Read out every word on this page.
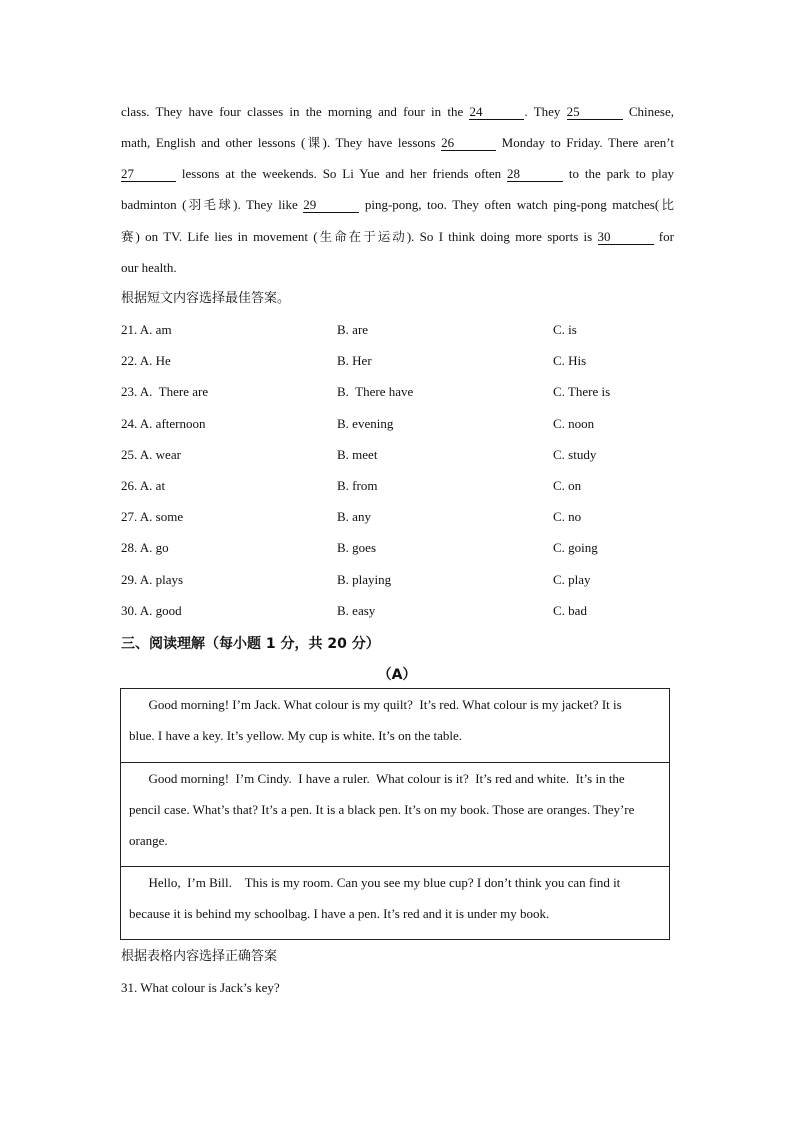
class. They have four classes in the morning and four in the 24	. They 25	Chinese,
math, English and other lessons (课). They have lessons 26	Monday to Friday. There aren’t
27	lessons at the weekends. So Li Yue and her friends often 28	to the park to play
badminton (羽毛球). They like 29	ping-pong, too. They often watch ping-pong matches(比
赛) on TV. Life lies in movement (生命在于运动). So I think doing more sports is 30	for
our health.
根据短文内容选择最佳答案。
21. A. am	B. are	C. is
22. A. He	B. Her	C. His
23. A.  There are	B.  There have	C. There is
24. A. afternoon	B. evening	C. noon
25. A. wear	B. meet	C. study
26. A. at	B. from	C. on
27. A. some	B. any	C. no
28. A. go	B. goes	C. going
29. A. plays	B. playing	C. play
30. A. good	B. easy	C. bad
三、阅读理解（每小题 1 分，共 20 分）
（A）
Good morning! I’m Jack. What colour is my quilt?  It’s red. What colour is my jacket? It is
blue. I have a key. It’s yellow. My cup is white. It’s on the table.
Good morning!  I’m Cindy.  I have a ruler.  What colour is it?  It’s red and white.  It’s in the
pencil case. What’s that? It’s a pen. It is a black pen. It’s on my book. Those are oranges. They’re
orange.
Hello,  I’m Bill.    This is my room. Can you see my blue cup? I don’t think you can find it
because it is behind my schoolbag. I have a pen. It’s red and it is under my book.
根据表格内容选择正确答案
31. What colour is Jack’s key?
